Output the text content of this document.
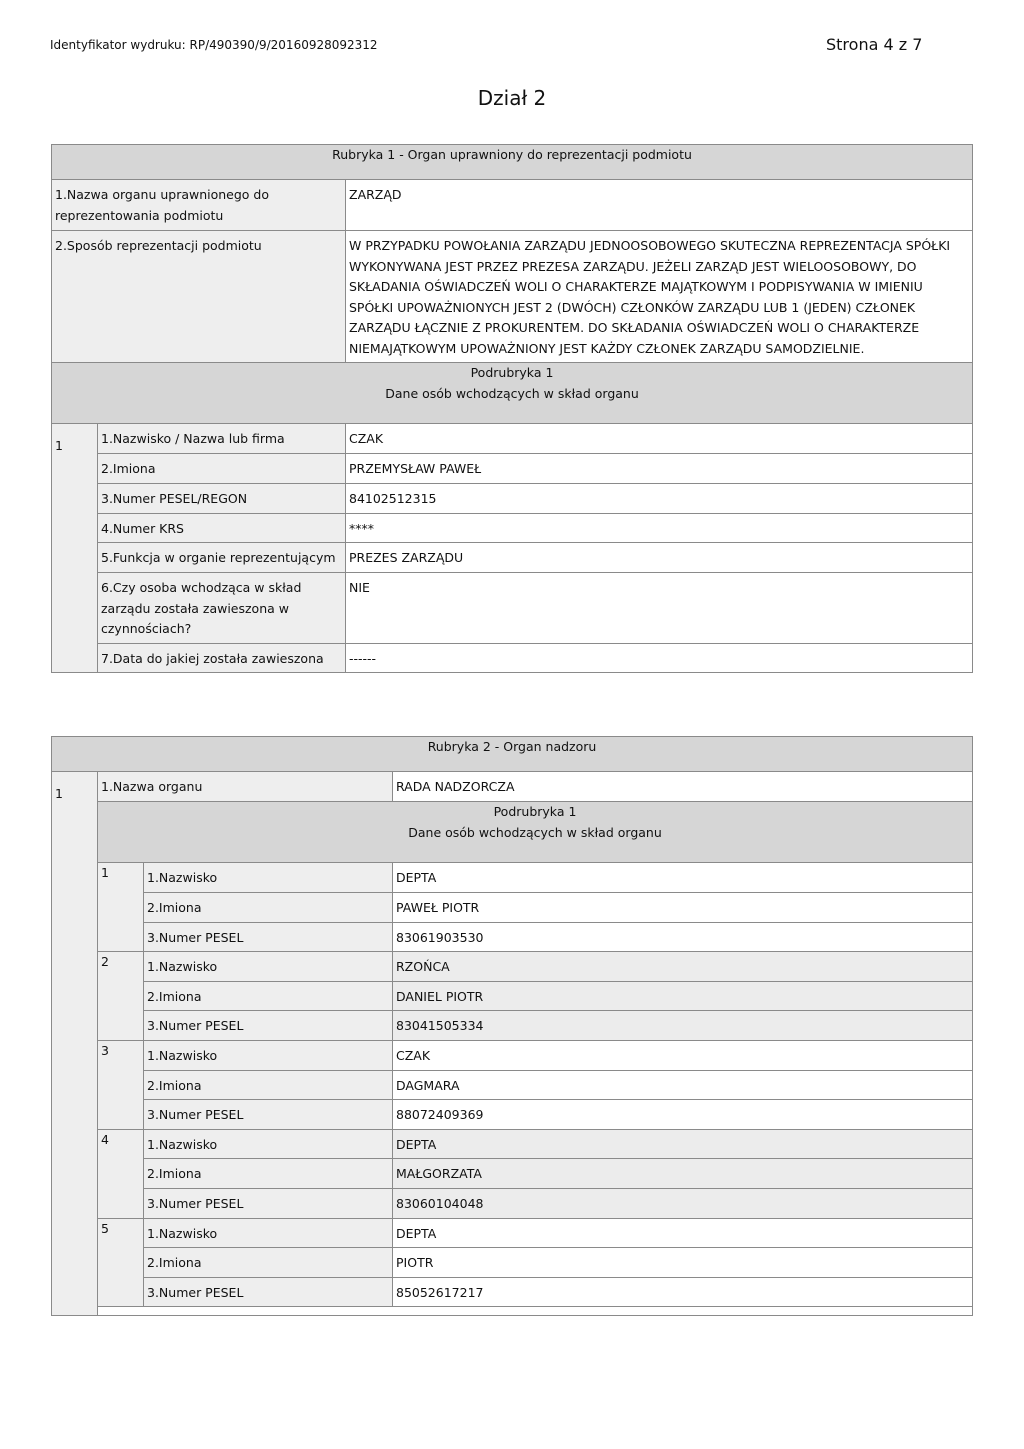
Identyfikator wydruku: RP/490390/9/20160928092312	Strona 4 z 7
Dział 2
Rubryka 1 - Organ uprawniony do reprezentacji podmiotu		
1.Nazwa organu uprawnionego do reprezentowania podmiotu		ZARZĄD
2.Sposób reprezentacji podmiotu		W PRZYPADKU POWOŁANIA ZARZĄDU JEDNOOSOBOWEGO SKUTECZNA REPREZENTACJA SPÓŁKI WYKONYWANA JEST PRZEZ PREZESA ZARZĄDU. JEŻELI ZARZĄD JEST WIELOOSOBOWY, DO SKŁADANIA OŚWIADCZEŃ WOLI O CHARAKTERZE MAJĄTKOWYM I PODPISYWANIA W IMIENIU SPÓŁKI UPOWAŻNIONYCH JEST 2 (DWÓCH) CZŁONKÓW ZARZĄDU LUB 1 (JEDEN) CZŁONEK ZARZĄDU ŁĄCZNIE Z PROKURENTEM. DO SKŁADANIA OŚWIADCZEŃ WOLI O CHARAKTERZE NIEMAJĄTKOWYM UPOWAŻNIONY JEST KAŻDY CZŁONEK ZARZĄDU SAMODZIELNIE.

Podrubryka 1
Dane osób wchodzących w skład organu		

1	1.Nazwisko / Nazwa lub firma	CZAK
	2.Imiona	PRZEMYSŁAW PAWEŁ
	3.Numer PESEL/REGON	84102512315
	4.Numer KRS	****
	5.Funkcja w organie reprezentującym	PREZES ZARZĄDU
	6.Czy osoba wchodząca w skład zarządu została zawieszona w czynnościach?	NIE
	7.Data do jakiej została zawieszona	------
Rubryka 2 - Organ nadzoru			
1	1.Nazwa organu		RADA NADZORCZA

	Podrubryka 1
Dane osób wchodzących w skład organu		

	1	1.Nazwisko	DEPTA
		2.Imiona	PAWEŁ PIOTR
		3.Numer PESEL	83061903530
	2	1.Nazwisko	RZOŃCA
		2.Imiona	DANIEL PIOTR
		3.Numer PESEL	83041505334
	3	1.Nazwisko	CZAK
		2.Imiona	DAGMARA
		3.Numer PESEL	88072409369
	4	1.Nazwisko	DEPTA
		2.Imiona	MAŁGORZATA
		3.Numer PESEL	83060104048
	5	1.Nazwisko	DEPTA
		2.Imiona	PIOTR
		3.Numer PESEL	85052617217
